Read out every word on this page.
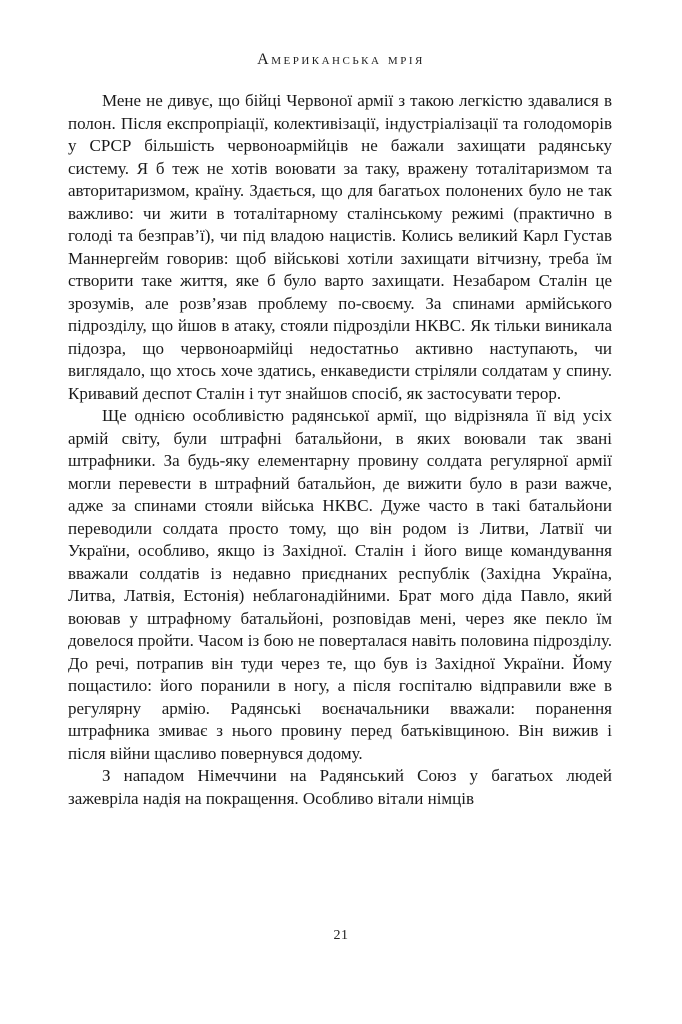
Американська мрія

Мене не дивує, що бійці Червоної армії з такою легкістю здавалися в полон. Після експропріації, колективізації, індустріалізації та голодоморів у СРСР більшість червоноармійців не бажали захищати радянську систему. Я б теж не хотів воювати за таку, вражену тоталітаризмом та авторитаризмом, країну. Здається, що для багатьох полонених було не так важливо: чи жити в тоталітарному сталінському режимі (практично в голоді та безправ’ї), чи під владою нацистів. Колись великий Карл Густав Маннергейм говорив: щоб військові хотіли захищати вітчизну, треба їм створити таке життя, яке б було варто захищати. Незабаром Сталін це зрозумів, але розв’язав проблему по-своєму. За спинами армійського підрозділу, що йшов в атаку, стояли підрозділи НКВС. Як тільки виникала підозра, що червоноармійці недостатньо активно наступають, чи виглядало, що хтось хоче здатись, енкаведисти стріляли солдатам у спину. Кривавий деспот Сталін і тут знайшов спосіб, як застосувати терор.

Ще однією особливістю радянської армії, що відрізняла її від усіх армій світу, були штрафні батальйони, в яких воювали так звані штрафники. За будь-яку елементарну провину солдата регулярної армії могли перевести в штрафний батальйон, де вижити було в рази важче, адже за спинами стояли війська НКВС. Дуже часто в такі батальйони переводили солдата просто тому, що він родом із Литви, Латвії чи України, особливо, якщо із Західної. Сталін і його вище командування вважали солдатів із недавно приєднаних республік (Західна Україна, Литва, Латвія, Естонія) неблагонадійними. Брат мого діда Павло, який воював у штрафному батальйоні, розповідав мені, через яке пекло їм довелося пройти. Часом із бою не поверталася навіть половина підрозділу. До речі, потрапив він туди через те, що був із Західної України. Йому пощастило: його поранили в ногу, а після госпіталю відправили вже в регулярну армію. Радянські воєначальники вважали: поранення штрафника змиває з нього провину перед батьківщиною. Він вижив і після війни щасливо повернувся додому.

З нападом Німеччини на Радянський Союз у багатьох людей зажевріла надія на покращення. Особливо вітали німців

21
